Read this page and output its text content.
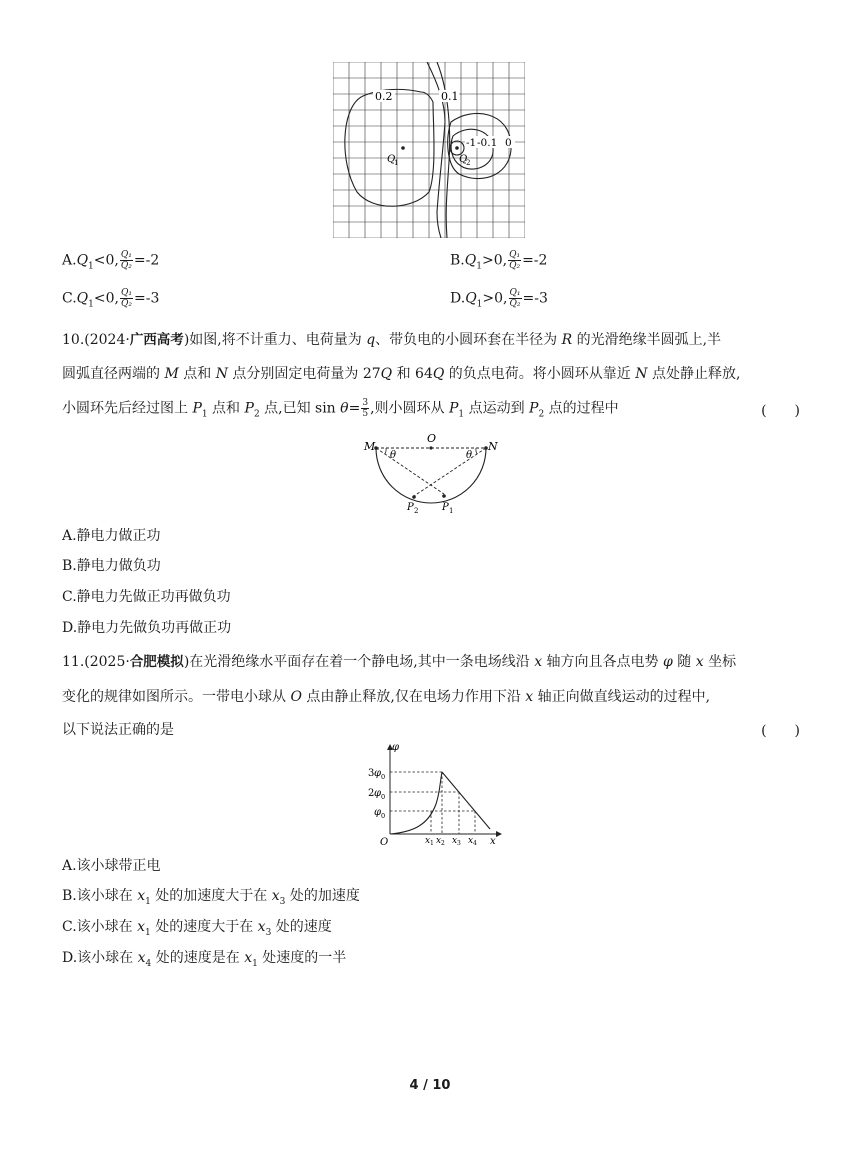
0.2	0.1
-1 -0.1 0
Q
1	Q
2
$A.Q_1<0$, $\frac{\text{Q₁}}{\text{Q₂}} =-2$	$B.Q_1>0$, $\frac{\text{Q₁}}{\text{Q₂}} =-2$
$C.Q_1<0$, $\frac{\text{Q₁}}{\text{Q₂}} =-3$	$D.Q_1>0$, $\frac{\text{Q₁}}{\text{Q₂}} =-3$
10.(2024·广西高考)如图,将不计重力、电荷量为 q、带负电的小圆环套在半径为 R 的光滑绝缘半圆弧上,半
圆弧直径两端的 M 点和 N 点分别固定电荷量为 27Q 和 64Q 的负点电荷。将小圆环从靠近 N 点处静止释放,
小圆环先后经过图上 $P_1$ 点和 $P_2$ 点,已知 $\sin \theta= \frac{3}{5}$ ,则小圆环从 $P_1$ 点运动到 $P_2$ 点的过程中	(　　)
M
O
N
θ	θ
P 2 P 1
A.静电力做正功
B.静电力做负功
C.静电力先做正功再做负功
D.静电力先做负功再做正功
11.(2025·合肥模拟)在光滑绝缘水平面存在着一个静电场,其中一条电场线沿 x 轴方向且各点电势 φ 随 x 坐标
变化的规律如图所示。一带电小球从 O 点由静止释放,仅在电场力作用下沿 x 轴正向做直线运动的过程中,
以下说法正确的是	(　　)
φ
x
O
3 φ 0
2 φ 0
φ 0
x 1 x 2 x 3 x 4
A.该小球带正电
B.该小球在 $x_1$ 处的加速度大于在 $x_3$ 处的加速度
C.该小球在 $x_1$ 处的速度大于在 $x_3$ 处的速度
D.该小球在 $x_4$ 处的速度是在 $x_1$ 处速度的一半
4 / 10
